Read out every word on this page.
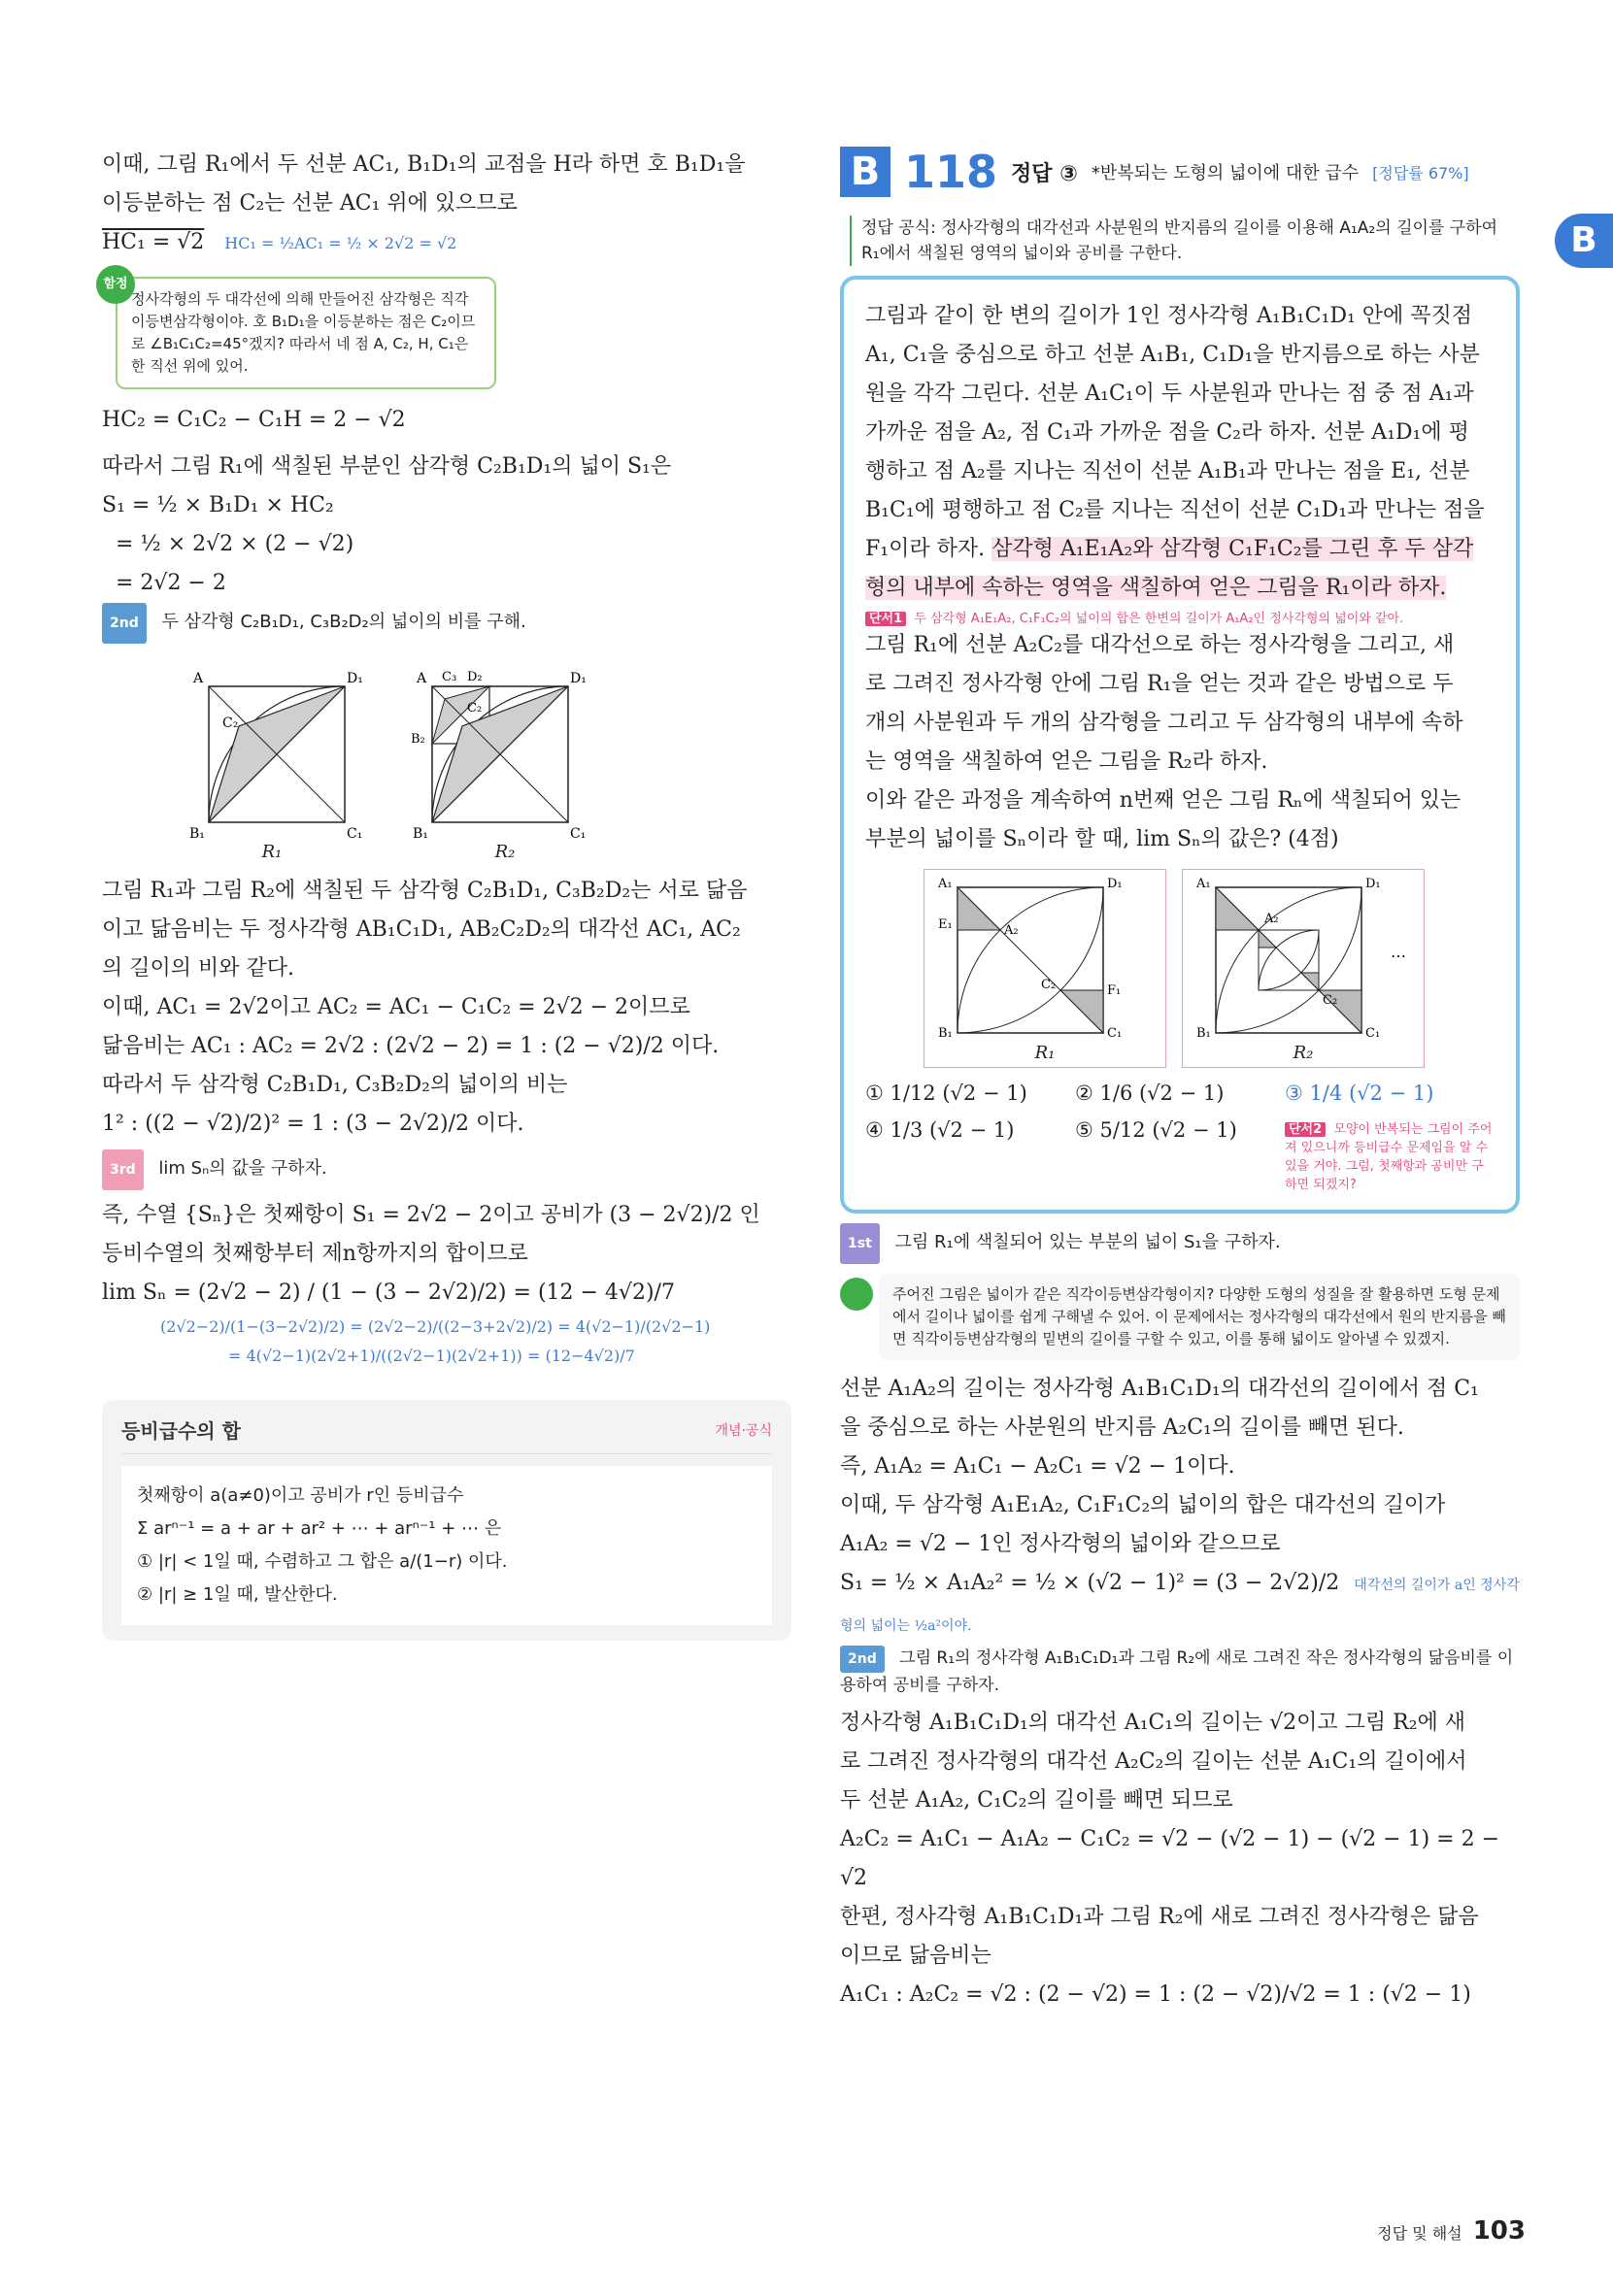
이때, 그림 R₁에서 두 선분 AC₁, B₁D₁의 교점을 H라 하면 호 B₁D₁을

이등분하는 점 C₂는 선분 AC₁ 위에 있으므로

HC₁ = √2 HC₁ = ½AC₁ = ½ × 2√2 = √2

함정
정사각형의 두 대각선에 의해 만들어진 삼각형은 직각이등변삼각형이야. 호 B₁D₁을 이등분하는 점은 C₂이므로 ∠B₁C₁C₂=45°겠지? 따라서 네 점 A, C₂, H, C₁은 한 직선 위에 있어.

HC₂ = C₁C₂ − C₁H = 2 − √2

따라서 그림 R₁에 색칠된 부분인 삼각형 C₂B₁D₁의 넓이 S₁은

S₁ = ½ × B₁D₁ × HC₂

= ½ × 2√2 × (2 − √2)

= 2√2 − 2

2nd 두 삼각형 C₂B₁D₁, C₃B₂D₂의 넓이의 비를 구해.

A	D₁
B₁	C₁
C₂
R₁
A	D₁
B₁	C₁
C₃ D₂
B₂
C₂
R₂

그림 R₁과 그림 R₂에 색칠된 두 삼각형 C₂B₁D₁, C₃B₂D₂는 서로 닮음

이고 닮음비는 두 정사각형 AB₁C₁D₁, AB₂C₂D₂의 대각선 AC₁, AC₂

의 길이의 비와 같다.

이때, AC₁ = 2√2이고 AC₂ = AC₁ − C₁C₂ = 2√2 − 2이므로

닮음비는 AC₁ : AC₂ = 2√2 : (2√2 − 2) = 1 : (2 − √2)/2 이다.

따라서 두 삼각형 C₂B₁D₁, C₃B₂D₂의 넓이의 비는

1² : ((2 − √2)/2)² = 1 : (3 − 2√2)/2 이다.

3rd lim Sₙ의 값을 구하자.

즉, 수열 {Sₙ}은 첫째항이 S₁ = 2√2 − 2이고 공비가 (3 − 2√2)/2 인

등비수열의 첫째항부터 제n항까지의 합이므로

lim Sₙ = (2√2 − 2) / (1 − (3 − 2√2)/2) = (12 − 4√2)/7

(2√2−2)/(1−(3−2√2)/2) = (2√2−2)/((2−3+2√2)/2) = 4(√2−1)/(2√2−1)

= 4(√2−1)(2√2+1)/((2√2−1)(2√2+1)) = (12−4√2)/7

등비급수의 합	개념·공식
첫째항이 a(a≠0)이고 공비가 r인 등비급수
Σ arⁿ⁻¹ = a + ar + ar² + ⋯ + arⁿ⁻¹ + ⋯ 은
① |r| < 1일 때, 수렴하고 그 합은 a/(1−r) 이다.
② |r| ≥ 1일 때, 발산한다.
B 118 정답 ③ *반복되는 도형의 넓이에 대한 급수 [정답률 67%]
정답 공식: 정사각형의 대각선과 사분원의 반지름의 길이를 이용해 A₁A₂의 길이를 구하여 R₁에서 색칠된 영역의 넓이와 공비를 구한다.

그림과 같이 한 변의 길이가 1인 정사각형 A₁B₁C₁D₁ 안에 꼭짓점

A₁, C₁을 중심으로 하고 선분 A₁B₁, C₁D₁을 반지름으로 하는 사분

원을 각각 그린다. 선분 A₁C₁이 두 사분원과 만나는 점 중 점 A₁과

가까운 점을 A₂, 점 C₁과 가까운 점을 C₂라 하자. 선분 A₁D₁에 평

행하고 점 A₂를 지나는 직선이 선분 A₁B₁과 만나는 점을 E₁, 선분

B₁C₁에 평행하고 점 C₂를 지나는 직선이 선분 C₁D₁과 만나는 점을

F₁이라 하자. 삼각형 A₁E₁A₂와 삼각형 C₁F₁C₂를 그린 후 두 삼각

형의 내부에 속하는 영역을 색칠하여 얻은 그림을 R₁이라 하자.

단서1 두 삼각형 A₁E₁A₂, C₁F₁C₂의 넓이의 합은 한변의 길이가 A₁A₂인 정사각형의 넓이와 같아.

그림 R₁에 선분 A₂C₂를 대각선으로 하는 정사각형을 그리고, 새

로 그려진 정사각형 안에 그림 R₁을 얻는 것과 같은 방법으로 두

개의 사분원과 두 개의 삼각형을 그리고 두 삼각형의 내부에 속하

는 영역을 색칠하여 얻은 그림을 R₂라 하자.

이와 같은 과정을 계속하여 n번째 얻은 그림 Rₙ에 색칠되어 있는

부분의 넓이를 Sₙ이라 할 때, lim Sₙ의 값은? (4점)

A₁	D₁
B₁	C₁
E₁	A₂
C₂	F₁
R₁
A₁	D₁
B₁	C₁
A₂
C₂
⋯
R₂
① 1/12 (√2 − 1)	② 1/6 (√2 − 1)	③ 1/4 (√2 − 1)
④ 1/3 (√2 − 1)	⑤ 5/12 (√2 − 1)	단서2 모양이 반복되는 그림이 주어져 있으니까 등비급수 문제임을 알 수 있을 거야. 그럼, 첫째항과 공비만 구하면 되겠지?

1st 그림 R₁에 색칠되어 있는 부분의 넓이 S₁을 구하자.

주어진 그림은 넓이가 같은 직각이등변삼각형이지? 다양한 도형의 성질을 잘 활용하면 도형 문제에서 길이나 넓이를 쉽게 구해낼 수 있어. 이 문제에서는 정사각형의 대각선에서 원의 반지름을 빼면 직각이등변삼각형의 밑변의 길이를 구할 수 있고, 이를 통해 넓이도 알아낼 수 있겠지.

선분 A₁A₂의 길이는 정사각형 A₁B₁C₁D₁의 대각선의 길이에서 점 C₁

을 중심으로 하는 사분원의 반지름 A₂C₁의 길이를 빼면 된다.

즉, A₁A₂ = A₁C₁ − A₂C₁ = √2 − 1이다.

이때, 두 삼각형 A₁E₁A₂, C₁F₁C₂의 넓이의 합은 대각선의 길이가

A₁A₂ = √2 − 1인 정사각형의 넓이와 같으므로

S₁ = ½ × A₁A₂² = ½ × (√2 − 1)² = (3 − 2√2)/2 대각선의 길이가 a인 정사각형의 넓이는 ½a²이야.

2nd 그림 R₁의 정사각형 A₁B₁C₁D₁과 그림 R₂에 새로 그려진 작은 정사각형의 닮음비를 이용하여 공비를 구하자.

정사각형 A₁B₁C₁D₁의 대각선 A₁C₁의 길이는 √2이고 그림 R₂에 새

로 그려진 정사각형의 대각선 A₂C₂의 길이는 선분 A₁C₁의 길이에서

두 선분 A₁A₂, C₁C₂의 길이를 빼면 되므로

A₂C₂ = A₁C₁ − A₁A₂ − C₁C₂ = √2 − (√2 − 1) − (√2 − 1) = 2 − √2

한편, 정사각형 A₁B₁C₁D₁과 그림 R₂에 새로 그려진 정사각형은 닮음

이므로 닮음비는

A₁C₁ : A₂C₂ = √2 : (2 − √2) = 1 : (2 − √2)/√2 = 1 : (√2 − 1)

B
정답 및 해설 103
